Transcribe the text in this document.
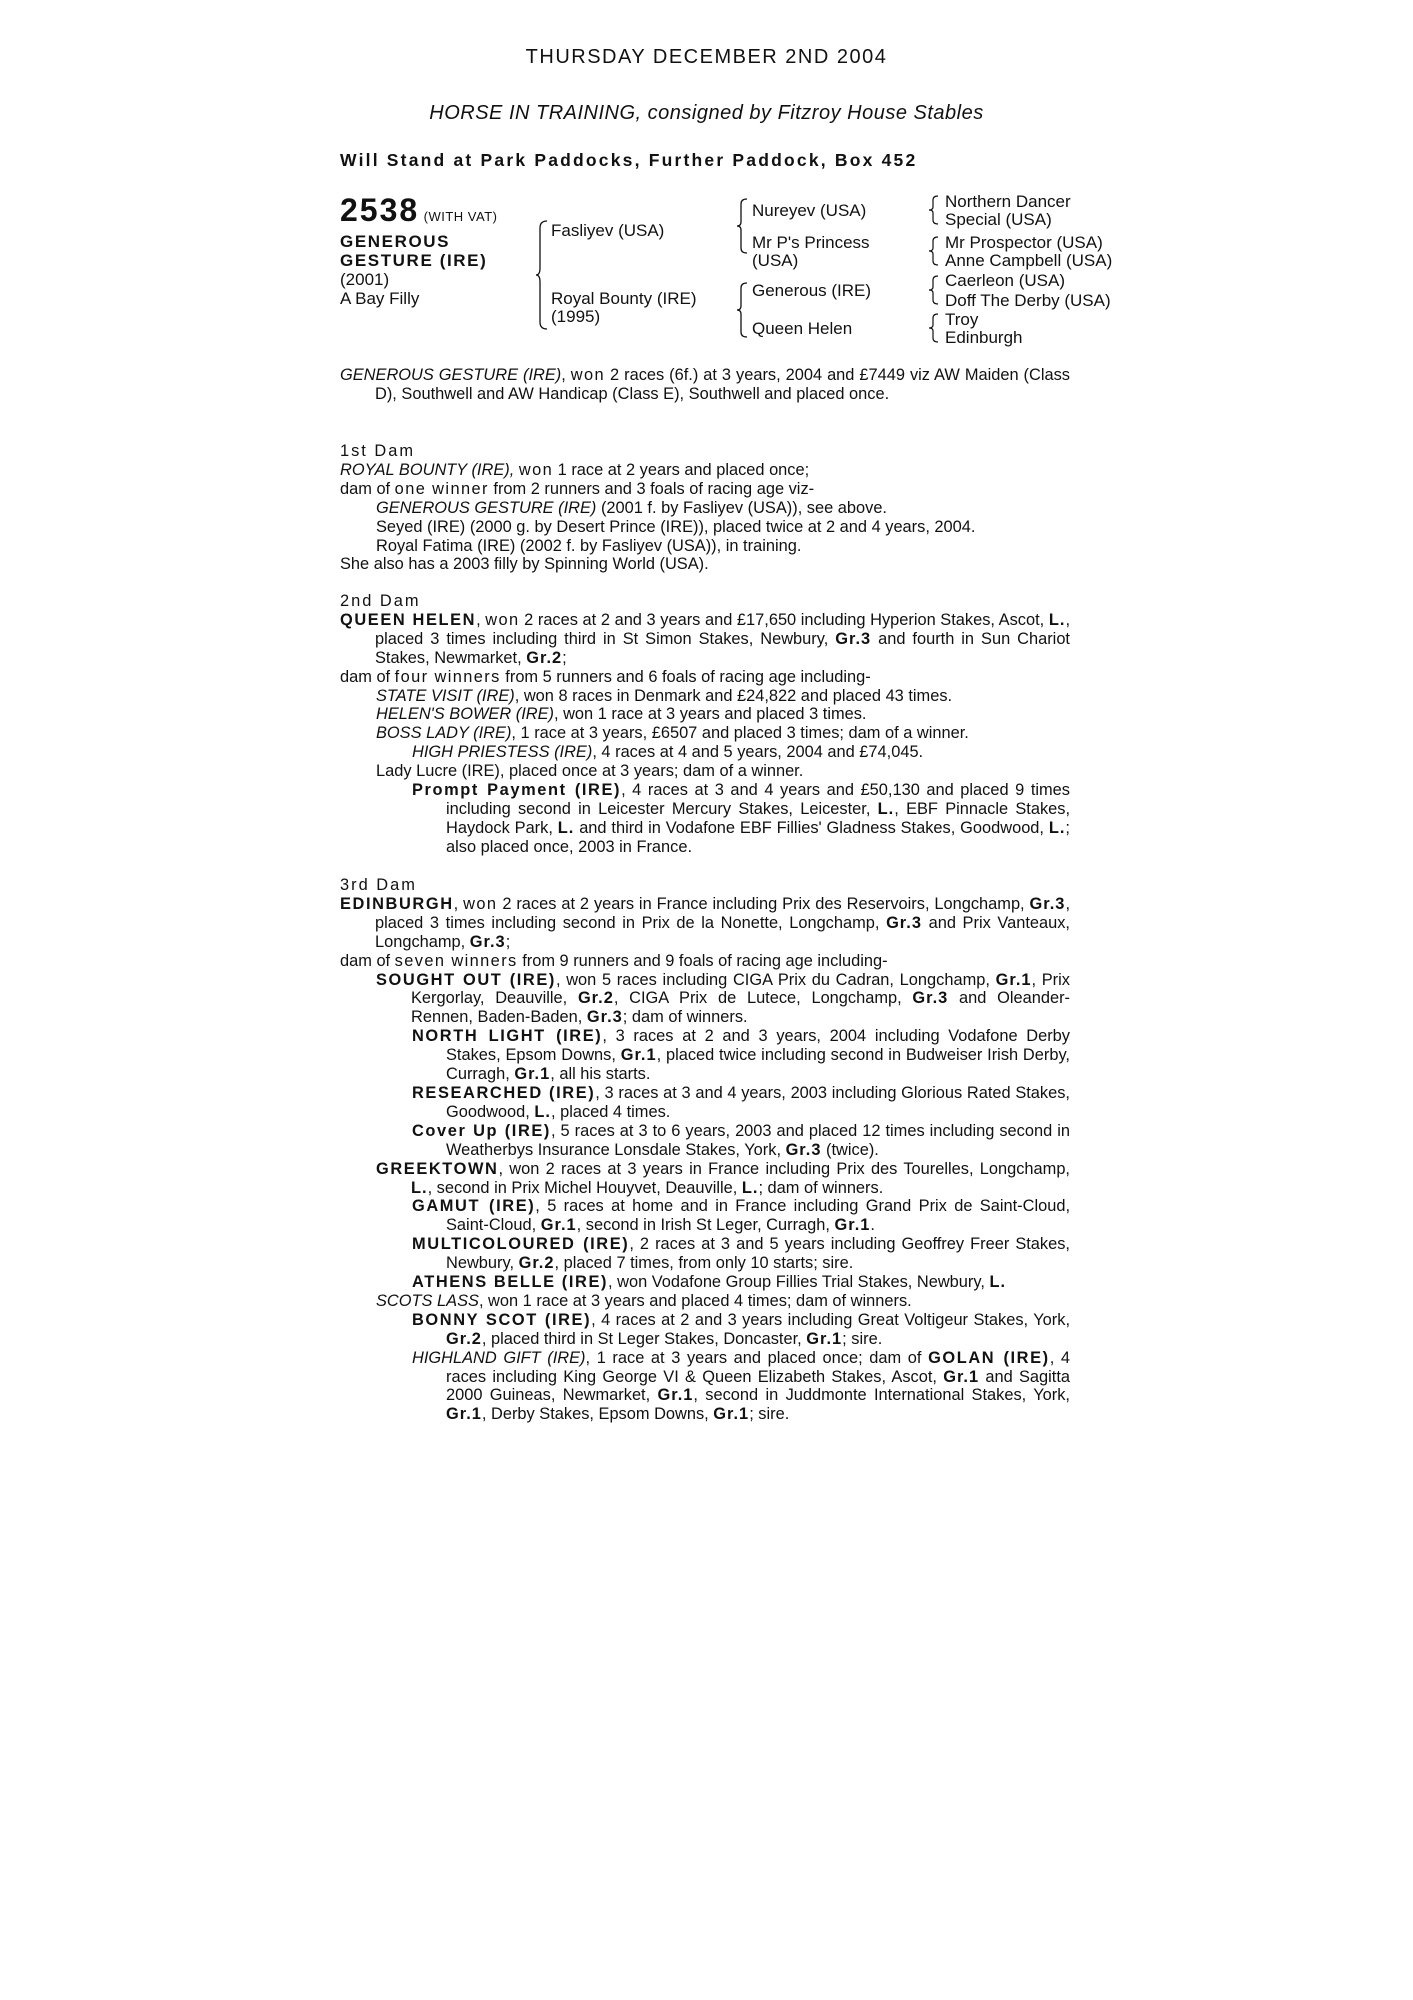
THURSDAY DECEMBER 2ND 2004
HORSE IN TRAINING, consigned by Fitzroy House Stables
Will Stand at Park Paddocks, Further Paddock, Box 452
2538 (WITH VAT)
GENEROUS
GESTURE (IRE)
(2001)
A Bay Filly
Fasliyev (USA)
Royal Bounty (IRE)
(1995)
Nureyev (USA)
Mr P's Princess
(USA)
Generous (IRE)
Queen Helen
Northern Dancer
Special (USA)
Mr Prospector (USA)
Anne Campbell (USA)
Caerleon (USA)
Doff The Derby (USA)
Troy
Edinburgh

GENEROUS GESTURE (IRE), won 2 races (6f.) at 3 years, 2004 and £7449 viz AW Maiden (Class D), Southwell and AW Handicap (Class E), Southwell and placed once.

1st Dam

ROYAL BOUNTY (IRE), won 1 race at 2 years and placed once;

dam of one winner from 2 runners and 3 foals of racing age viz-

GENEROUS GESTURE (IRE) (2001 f. by Fasliyev (USA)), see above.

Seyed (IRE) (2000 g. by Desert Prince (IRE)), placed twice at 2 and 4 years, 2004.

Royal Fatima (IRE) (2002 f. by Fasliyev (USA)), in training.

She also has a 2003 filly by Spinning World (USA).

2nd Dam

QUEEN HELEN, won 2 races at 2 and 3 years and £17,650 including Hyperion Stakes, Ascot, L., placed 3 times including third in St Simon Stakes, Newbury, Gr.3 and fourth in Sun Chariot Stakes, Newmarket, Gr.2;

dam of four winners from 5 runners and 6 foals of racing age including-

STATE VISIT (IRE), won 8 races in Denmark and £24,822 and placed 43 times.

HELEN'S BOWER (IRE), won 1 race at 3 years and placed 3 times.

BOSS LADY (IRE), 1 race at 3 years, £6507 and placed 3 times; dam of a winner.

HIGH PRIESTESS (IRE), 4 races at 4 and 5 years, 2004 and £74,045.

Lady Lucre (IRE), placed once at 3 years; dam of a winner.

Prompt Payment (IRE), 4 races at 3 and 4 years and £50,130 and placed 9 times including second in Leicester Mercury Stakes, Leicester, L., EBF Pinnacle Stakes, Haydock Park, L. and third in Vodafone EBF Fillies' Gladness Stakes, Goodwood, L.; also placed once, 2003 in France.

3rd Dam

EDINBURGH, won 2 races at 2 years in France including Prix des Reservoirs, Longchamp, Gr.3, placed 3 times including second in Prix de la Nonette, Longchamp, Gr.3 and Prix Vanteaux, Longchamp, Gr.3;

dam of seven winners from 9 runners and 9 foals of racing age including-

SOUGHT OUT (IRE), won 5 races including CIGA Prix du Cadran, Longchamp, Gr.1, Prix Kergorlay, Deauville, Gr.2, CIGA Prix de Lutece, Longchamp, Gr.3 and Oleander-Rennen, Baden-Baden, Gr.3; dam of winners.

NORTH LIGHT (IRE), 3 races at 2 and 3 years, 2004 including Vodafone Derby Stakes, Epsom Downs, Gr.1, placed twice including second in Budweiser Irish Derby, Curragh, Gr.1, all his starts.

RESEARCHED (IRE), 3 races at 3 and 4 years, 2003 including Glorious Rated Stakes, Goodwood, L., placed 4 times.

Cover Up (IRE), 5 races at 3 to 6 years, 2003 and placed 12 times including second in Weatherbys Insurance Lonsdale Stakes, York, Gr.3 (twice).

GREEKTOWN, won 2 races at 3 years in France including Prix des Tourelles, Longchamp, L., second in Prix Michel Houyvet, Deauville, L.; dam of winners.

GAMUT (IRE), 5 races at home and in France including Grand Prix de Saint-Cloud, Saint-Cloud, Gr.1, second in Irish St Leger, Curragh, Gr.1.

MULTICOLOURED (IRE), 2 races at 3 and 5 years including Geoffrey Freer Stakes, Newbury, Gr.2, placed 7 times, from only 10 starts; sire.

ATHENS BELLE (IRE), won Vodafone Group Fillies Trial Stakes, Newbury, L.

SCOTS LASS, won 1 race at 3 years and placed 4 times; dam of winners.

BONNY SCOT (IRE), 4 races at 2 and 3 years including Great Voltigeur Stakes, York, Gr.2, placed third in St Leger Stakes, Doncaster, Gr.1; sire.

HIGHLAND GIFT (IRE), 1 race at 3 years and placed once; dam of GOLAN (IRE), 4 races including King George VI & Queen Elizabeth Stakes, Ascot, Gr.1 and Sagitta 2000 Guineas, Newmarket, Gr.1, second in Juddmonte International Stakes, York, Gr.1, Derby Stakes, Epsom Downs, Gr.1; sire.
